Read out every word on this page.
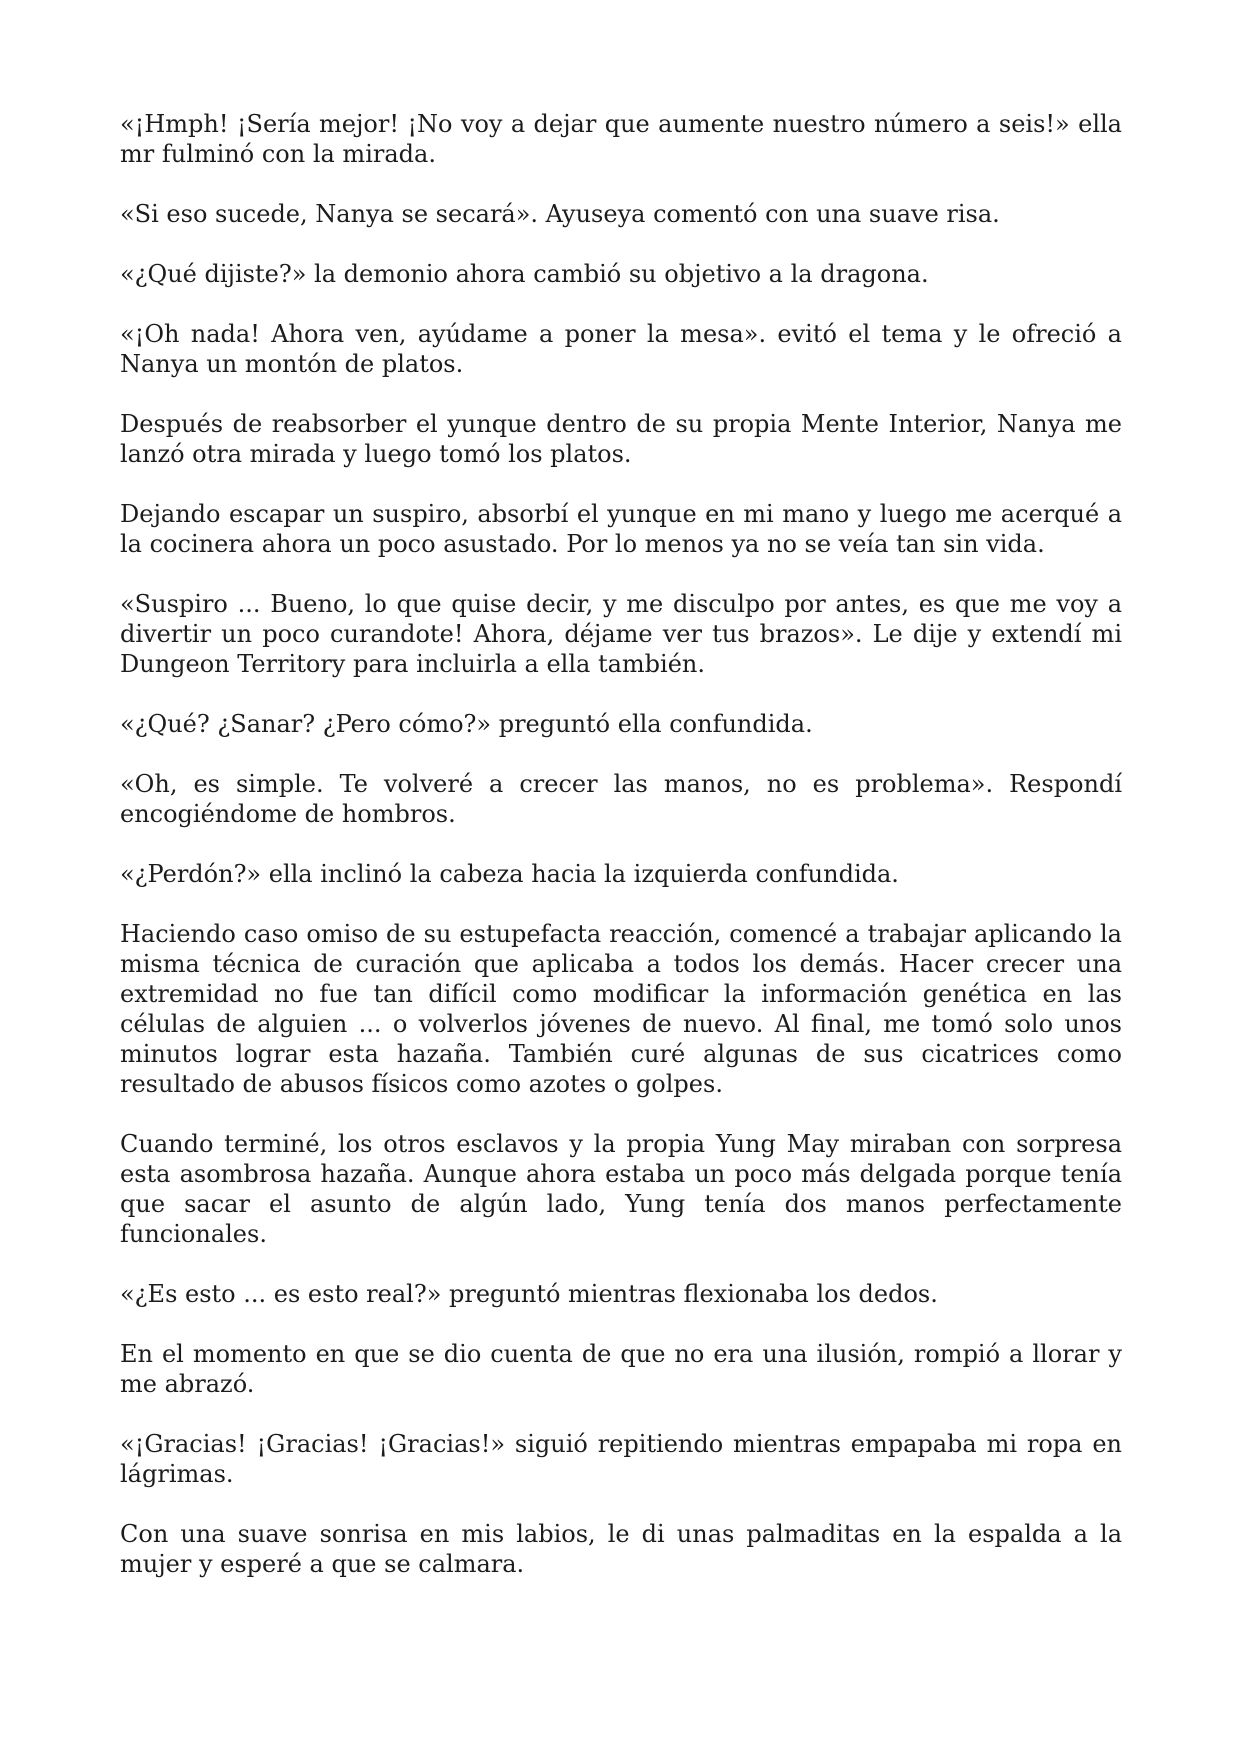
«¡Hmph! ¡Sería mejor! ¡No voy a dejar que aumente nuestro número a seis!» ella mr fulminó con la mirada.

«Si eso sucede, Nanya se secará». Ayuseya comentó con una suave risa.

«¿Qué dijiste?» la demonio ahora cambió su objetivo a la dragona.

«¡Oh nada! Ahora ven, ayúdame a poner la mesa». evitó el tema y le ofreció a Nanya un montón de platos.

Después de reabsorber el yunque dentro de su propia Mente Interior, Nanya me lanzó otra mirada y luego tomó los platos.

Dejando escapar un suspiro, absorbí el yunque en mi mano y luego me acerqué a la cocinera ahora un poco asustado. Por lo menos ya no se veía tan sin vida.

«Suspiro ... Bueno, lo que quise decir, y me disculpo por antes, es que me voy a divertir un poco curandote! Ahora, déjame ver tus brazos». Le dije y extendí mi Dungeon Territory para incluirla a ella también.

«¿Qué? ¿Sanar? ¿Pero cómo?» preguntó ella confundida.

«Oh, es simple. Te volveré a crecer las manos, no es problema». Respondí encogiéndome de hombros.

«¿Perdón?» ella inclinó la cabeza hacia la izquierda confundida.

Haciendo caso omiso de su estupefacta reacción, comencé a trabajar aplicando la misma técnica de curación que aplicaba a todos los demás. Hacer crecer una extremidad no fue tan difícil como modificar la información genética en las células de alguien ... o volverlos jóvenes de nuevo. Al final, me tomó solo unos minutos lograr esta hazaña. También curé algunas de sus cicatrices como resultado de abusos físicos como azotes o golpes.

Cuando terminé, los otros esclavos y la propia Yung May miraban con sorpresa esta asombrosa hazaña. Aunque ahora estaba un poco más delgada porque tenía que sacar el asunto de algún lado, Yung tenía dos manos perfectamente funcionales.

«¿Es esto ... es esto real?» preguntó mientras flexionaba los dedos.

En el momento en que se dio cuenta de que no era una ilusión, rompió a llorar y me abrazó.

«¡Gracias! ¡Gracias! ¡Gracias!» siguió repitiendo mientras empapaba mi ropa en lágrimas.

Con una suave sonrisa en mis labios, le di unas palmaditas en la espalda a la mujer y esperé a que se calmara.
